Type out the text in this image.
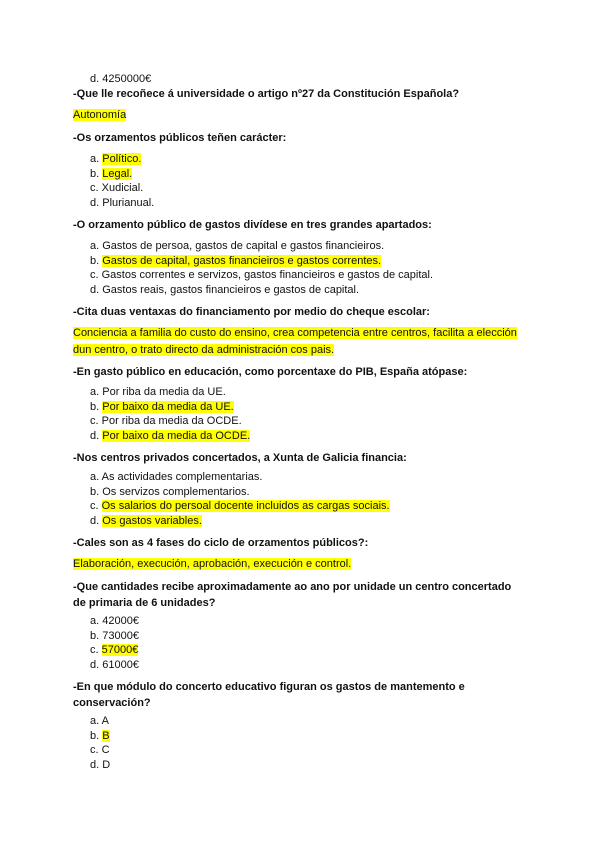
d. 4250000€

-Que lle recoñece á universidade o artigo nº27 da Constitución Española?

Autonomía

-Os orzamentos públicos teñen carácter:

a. Político.
b. Legal.
c. Xudicial.
d. Plurianual.

-O orzamento público de gastos divídese en tres grandes apartados:

a. Gastos de persoa, gastos de capital e gastos financieiros.
b. Gastos de capital, gastos financieiros e gastos correntes.
c. Gastos correntes e servizos, gastos financieiros e gastos de capital.
d. Gastos reais, gastos financieiros e gastos de capital.

-Cita duas ventaxas do financiamento por medio do cheque escolar:

Conciencia a familia do custo do ensino, crea competencia entre centros, facilita a elección
dun centro, o trato directo da administración cos pais.

-En gasto público en educación, como porcentaxe do PIB, España atópase:

a. Por riba da media da UE.
b. Por baixo da media da UE.
c. Por riba da media da OCDE.
d. Por baixo da media da OCDE.

-Nos centros privados concertados, a Xunta de Galicia financia:

a. As actividades complementarias.
b. Os servizos complementarios.
c. Os salarios do persoal docente incluidos as cargas sociais.
d. Os gastos variables.

-Cales son as 4 fases do ciclo de orzamentos públicos?:

Elaboración, execución, aprobación, execución e control.

-Que cantidades recibe aproximadamente ao ano por unidade un centro concertado
de primaria de 6 unidades?

a. 42000€
b. 73000€
c. 57000€
d. 61000€

-En que módulo do concerto educativo figuran os gastos de mantemento e
conservación?

a. A
b. B
c. C
d. D
